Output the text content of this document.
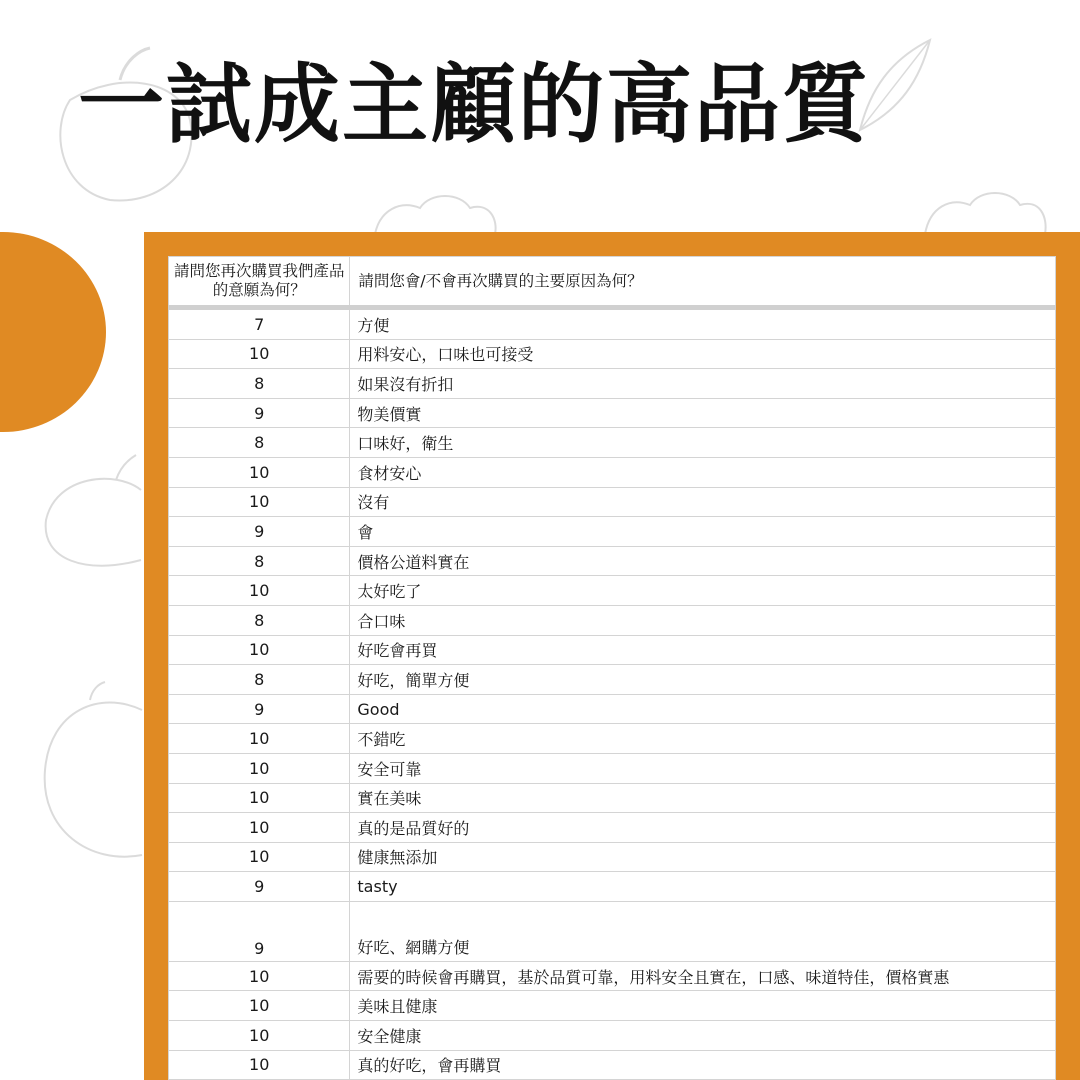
一試成主顧的高品質
請問您再次購買我們產品的意願為何？	請問您會/不會再次購買的主要原因為何？
7	方便
10	用料安心，口味也可接受
8	如果沒有折扣
9	物美價實
8	口味好，衛生
10	食材安心
10	沒有
9	會
8	價格公道料實在
10	太好吃了
8	合口味
10	好吃會再買
8	好吃，簡單方便
9	Good
10	不錯吃
10	安全可靠
10	實在美味
10	真的是品質好的
10	健康無添加
9	tasty
9	好吃、網購方便
10	需要的時候會再購買，基於品質可靠，用料安全且實在，口感、味道特佳，價格實惠
10	美味且健康
10	安全健康
10	真的好吃，會再購買
